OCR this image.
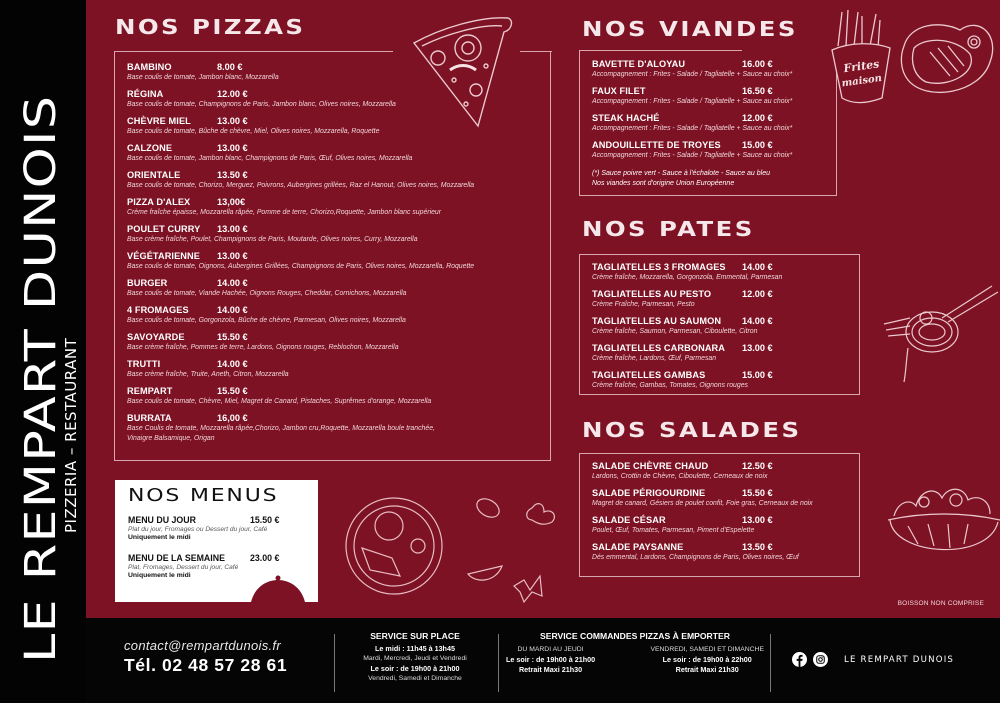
LE REMPART DUNOIS
PIZZERIA – RESTAURANT
NOS PIZZAS
BAMBINO	8.00 €
Base coulis de tomate, Jambon blanc, Mozzarella
RÉGINA	12.00 €
Base coulis de tomate, Champignons de Paris, Jambon blanc, Olives noires, Mozzarella
CHÈVRE MIEL	13.00 €
Base coulis de tomate, Bûche de chèvre, Miel, Olives noires, Mozzarella, Roquette
CALZONE	13.00 €
Base coulis de tomate, Jambon blanc, Champignons de Paris, Œuf, Olives noires, Mozzarella
ORIENTALE	13.50 €
Base coulis de tomate, Chorizo, Merguez, Poivrons, Aubergines grillées, Raz el Hanout, Olives noires, Mozzarella
PIZZA D'ALEX	13,00€
Crème fraîche épaisse, Mozzarella râpée, Pomme de terre, Chorizo,Roquette, Jambon blanc supérieur
POULET CURRY	13.00 €
Base crème fraîche, Poulet, Champignons de Paris, Moutarde, Olives noires, Curry, Mozzarella
VÉGÉTARIENNE	13.00 €
Base coulis de tomate, Oignons, Aubergines Grillées, Champignons de Paris, Olives noires, Mozzarella, Roquette
BURGER	14.00 €
Base coulis de tomate, Viande Hachée, Oignons Rouges, Cheddar, Cornichons, Mozzarella
4 FROMAGES	14.00 €
Base coulis de tomate, Gorgonzola, Bûche de chèvre, Parmesan, Olives noires, Mozzarella
SAVOYARDE	15.50 €
Base crème fraîche, Pommes de terre, Lardons, Oignons rouges, Reblochon, Mozzarella
TRUTTI	14.00 €
Base crème fraîche, Truite, Aneth, Citron, Mozzarella
REMPART	15.50 €
Base coulis de tomate, Chèvre, Miel, Magret de Canard, Pistaches, Suprêmes d'orange, Mozzarella
BURRATA	16,00 €
Base Coulis de tomate, Mozzarella râpée,Chorizo, Jambon cru,Roquette, Mozzarella boule tranchée,
Vinaigre Balsamique, Origan
NOS MENUS
MENU DU JOUR	15.50 €
Plat du jour, Fromages ou Dessert du jour, Café
Uniquement le midi
MENU DE LA SEMAINE	23.00 €
Plat, Fromages, Dessert du jour, Café
Uniquement le midi
NOS VIANDES
BAVETTE D'ALOYAU	16.00 €
Accompagnement : Frites - Salade / Tagliatelle + Sauce au choix*
FAUX FILET	16.50 €
Accompagnement : Frites - Salade / Tagliatelle + Sauce au choix*
STEAK HACHÉ	12.00 €
Accompagnement : Frites - Salade / Tagliatelle + Sauce au choix*
ANDOUILLETTE DE TROYES	15.00 €
Accompagnement : Frites - Salade / Tagliatelle + Sauce au choix*
(*) Sauce poivre vert - Sauce à l'échalote - Sauce au bleu
Nos viandes sont d'origine Union Européenne
Frites
maison
NOS PATES
TAGLIATELLES 3 FROMAGES	14.00 €
Crème fraîche, Mozzarella, Gorgonzola, Emmental, Parmesan
TAGLIATELLES AU PESTO	12.00 €
Crème Fraîche, Parmesan, Pesto
TAGLIATELLES AU SAUMON	14.00 €
Crème fraîche, Saumon, Parmesan, Ciboulette, Citron
TAGLIATELLES CARBONARA	13.00 €
Crème fraîche, Lardons, Œuf, Parmesan
TAGLIATELLES GAMBAS	15.00 €
Crème fraîche, Gambas, Tomates, Oignons rouges
NOS SALADES
SALADE CHÈVRE CHAUD	12.50 €
Lardons, Crottin de Chèvre, Ciboulette, Cerneaux de noix
SALADE PÉRIGOURDINE	15.50 €
Magret de canard, Gésiers de poulet confit, Foie gras, Cerneaux de noix
SALADE CÉSAR	13.00 €
Poulet, Œuf, Tomates, Parmesan, Piment d'Espelette
SALADE PAYSANNE	13.50 €
Dés emmental, Lardons, Champignons de Paris, Olives noires, Œuf
BOISSON NON COMPRISE
contact@rempartdunois.fr
Tél. 02 48 57 28 61
SERVICE SUR PLACE
Le midi : 11h45 à 13h45
Mardi, Mercredi, Jeudi et Vendredi
Le soir : de 19h00 à 21h00
Vendredi, Samedi et Dimanche
SERVICE COMMANDES PIZZAS À EMPORTER
DU MARDI AU JEUDI
Le soir : de 19h00 à 21h00
Retrait Maxi 21h30
VENDREDI, SAMEDI ET DIMANCHE
Le soir : de 19h00 à 22h00
Retrait Maxi 21h30
LE REMPART DUNOIS
